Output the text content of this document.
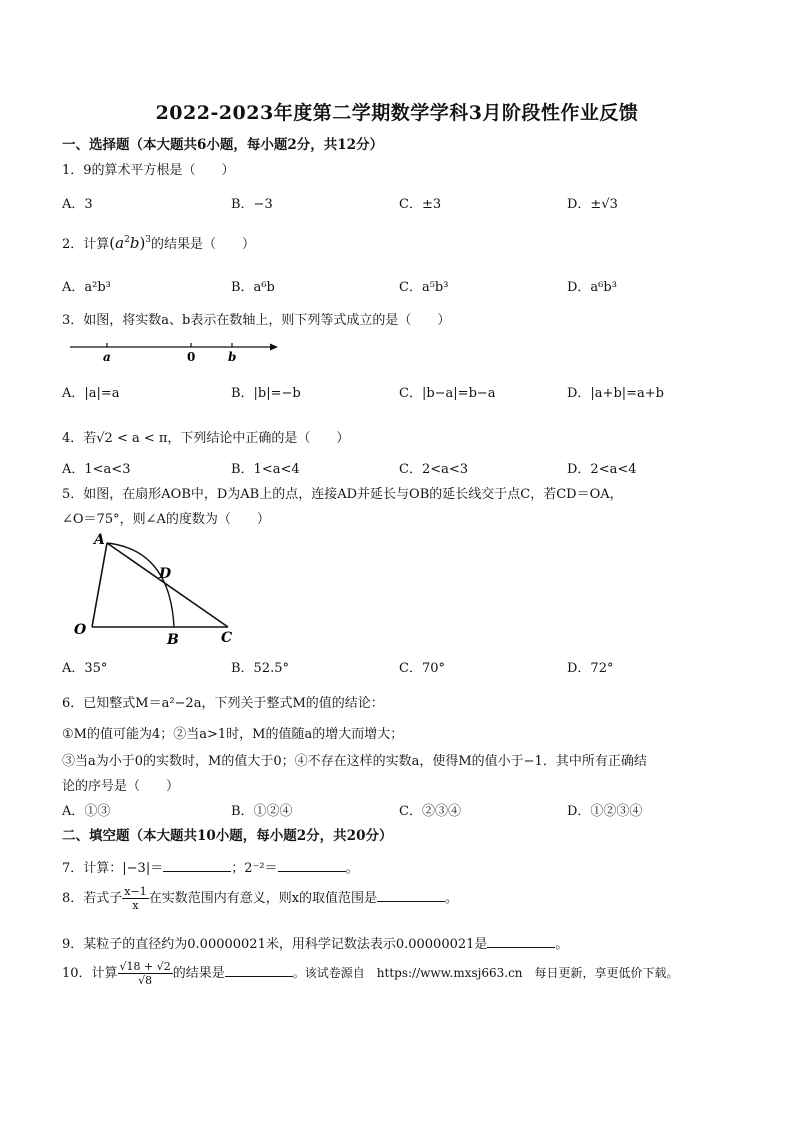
2022-2023年度第二学期数学学科3月阶段性作业反馈
一、选择题（本大题共6小题，每小题2分，共12分）
1．9的算术平方根是（　　）
A．3	B．−3	C．±3	D．±√3
2．计算$(a^2b)^3$的结果是（　　）
A．a²b³	B．a⁶b	C．a⁵b³	D．a⁶b³
3．如图，将实数a、b表示在数轴上，则下列等式成立的是（　　）
a	0	b
A．|a|=a	B．|b|=−b	C．|b−a|=b−a	D．|a+b|=a+b
4．若√2 < a < π，下列结论中正确的是（　　）
A．1<a<3	B．1<a<4	C．2<a<3	D．2<a<4
5．如图，在扇形AOB中，D为AB上的点，连接AD并延长与OB的延长线交于点C，若CD＝OA，
∠O＝75°，则∠A的度数为（　　）
A
D
O
B	C
A．35°	B．52.5°	C．70°	D．72°
6．已知整式M＝a²−2a，下列关于整式M的值的结论：
①M的值可能为4；②当a>1时，M的值随a的增大而增大；
③当a为小于0的实数时，M的值大于0；④不存在这样的实数a，使得M的值小于−1．其中所有正确结
论的序号是（　　）
A．①③	B．①②④	C．②③④	D．①②③④
二、填空题（本大题共10小题，每小题2分，共20分）
7．计算：|−3|＝	；2⁻²＝	。
8．若式子 $\frac{x-1}{x}$ 在实数范围内有意义，则x的取值范围是	。
9．某粒子的直径约为0.00000021米，用科学记数法表示0.00000021是	。
10．计算 $\frac{√18 + √2}{√8}$ 的结果是	。该试卷源自　https://www.mxsj663.cn　每日更新，享更低价下载。
